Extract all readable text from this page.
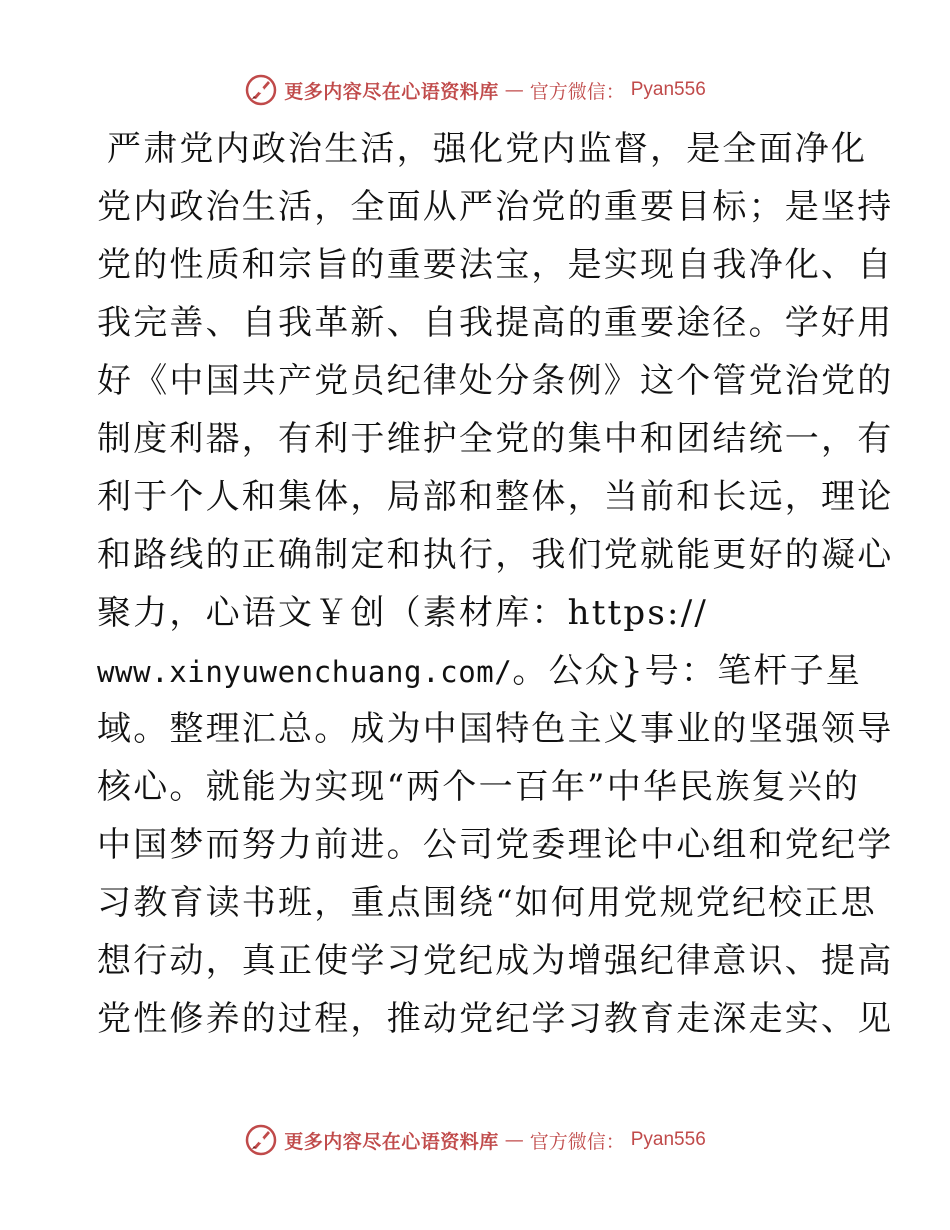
更多内容尽在心语资料库 — 官方微信： Pyan556
严肃党内政治生活，强化党内监督，是全面净化
党内政治生活，全面从严治党的重要目标；是坚持
党的性质和宗旨的重要法宝，是实现自我净化、自
我完善、自我革新、自我提高的重要途径。学好用
好《中国共产党员纪律处分条例》这个管党治党的
制度利器，有利于维护全党的集中和团结统一，有
利于个人和集体，局部和整体，当前和长远，理论
和路线的正确制定和执行，我们党就能更好的凝心
聚力，心语文￥创（素材库：https://
www.xinyuwenchuang.com/。公众}号：笔杆子星
域。整理汇总。成为中国特色主义事业的坚强领导
核心。就能为实现“两个一百年”中华民族复兴的
中国梦而努力前进。公司党委理论中心组和党纪学
习教育读书班，重点围绕“如何用党规党纪校正思
想行动，真正使学习党纪成为增强纪律意识、提高
党性修养的过程，推动党纪学习教育走深走实、见
更多内容尽在心语资料库 — 官方微信： Pyan556
